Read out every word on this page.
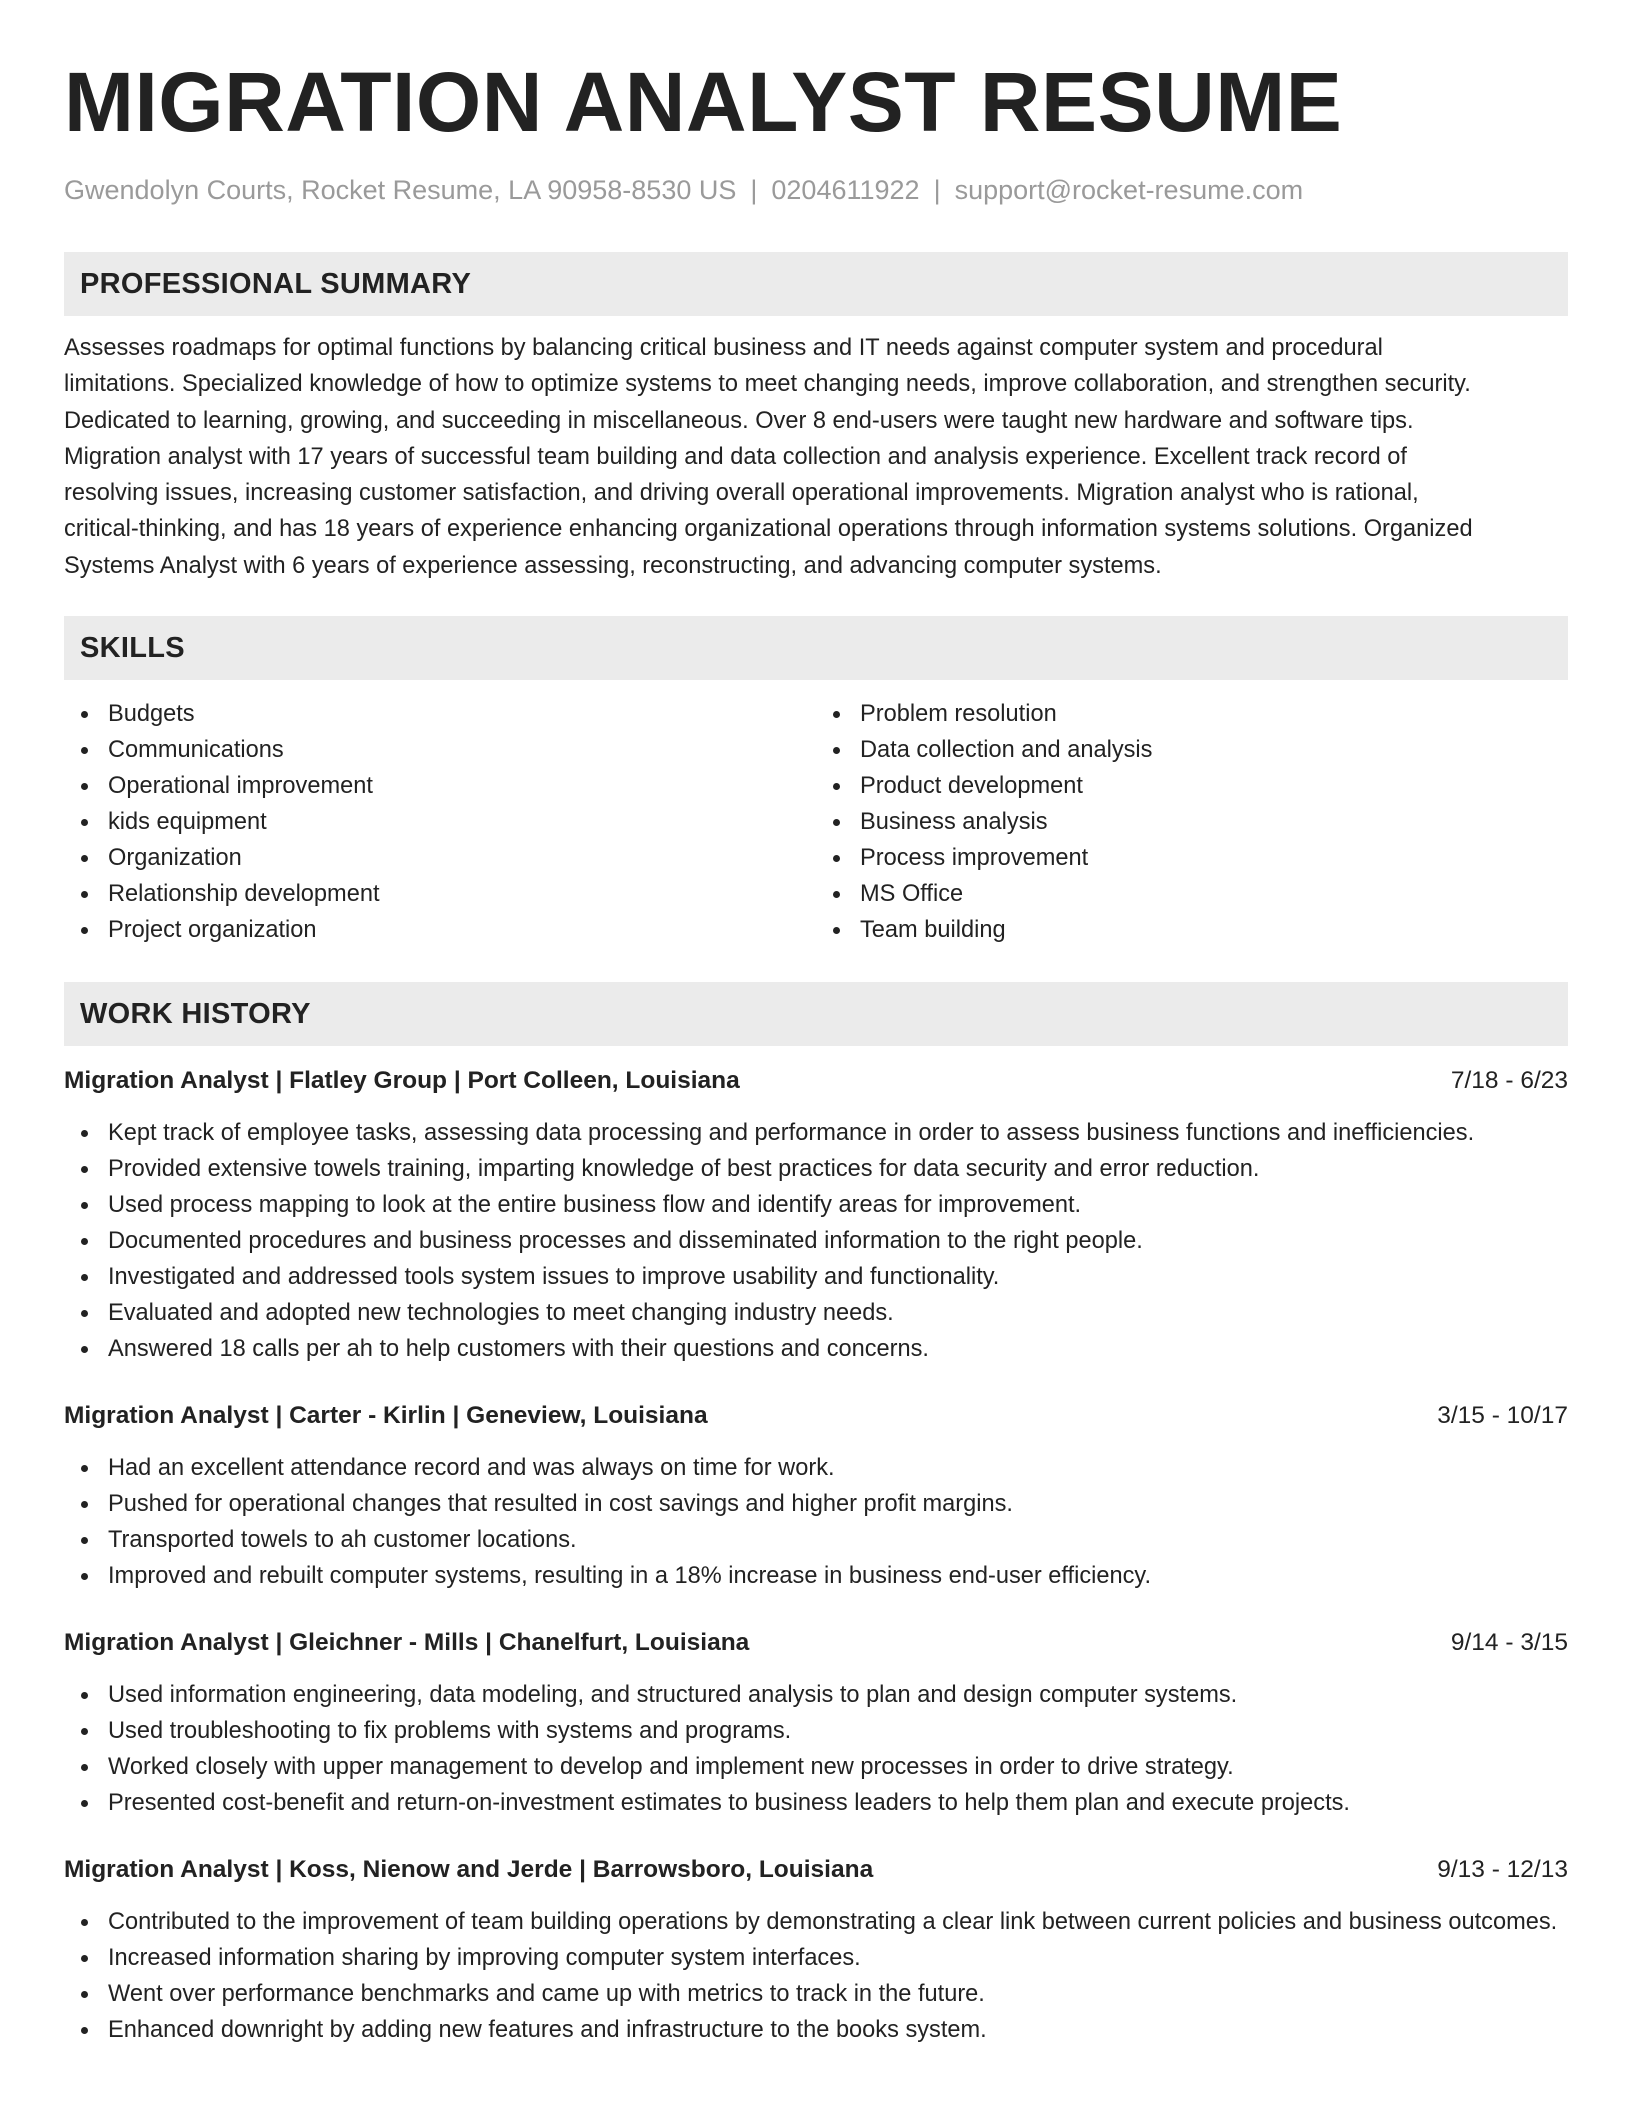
MIGRATION ANALYST RESUME
Gwendolyn Courts, Rocket Resume, LA 90958-8530 US | 0204611922 | support@rocket-resume.com
PROFESSIONAL SUMMARY
Assesses roadmaps for optimal functions by balancing critical business and IT needs against computer system and procedural
limitations. Specialized knowledge of how to optimize systems to meet changing needs, improve collaboration, and strengthen security.
Dedicated to learning, growing, and succeeding in miscellaneous. Over 8 end-users were taught new hardware and software tips.
Migration analyst with 17 years of successful team building and data collection and analysis experience. Excellent track record of
resolving issues, increasing customer satisfaction, and driving overall operational improvements. Migration analyst who is rational,
critical-thinking, and has 18 years of experience enhancing organizational operations through information systems solutions. Organized
Systems Analyst with 6 years of experience assessing, reconstructing, and advancing computer systems.
SKILLS
Budgets
Communications
Operational improvement
kids equipment
Organization
Relationship development
Project organization
Problem resolution
Data collection and analysis
Product development
Business analysis
Process improvement
MS Office
Team building
WORK HISTORY
Migration Analyst | Flatley Group | Port Colleen, Louisiana	7/18 - 6/23
Kept track of employee tasks, assessing data processing and performance in order to assess business functions and inefficiencies.
Provided extensive towels training, imparting knowledge of best practices for data security and error reduction.
Used process mapping to look at the entire business flow and identify areas for improvement.
Documented procedures and business processes and disseminated information to the right people.
Investigated and addressed tools system issues to improve usability and functionality.
Evaluated and adopted new technologies to meet changing industry needs.
Answered 18 calls per ah to help customers with their questions and concerns.
Migration Analyst | Carter - Kirlin | Geneview, Louisiana	3/15 - 10/17
Had an excellent attendance record and was always on time for work.
Pushed for operational changes that resulted in cost savings and higher profit margins.
Transported towels to ah customer locations.
Improved and rebuilt computer systems, resulting in a 18% increase in business end-user efficiency.
Migration Analyst | Gleichner - Mills | Chanelfurt, Louisiana	9/14 - 3/15
Used information engineering, data modeling, and structured analysis to plan and design computer systems.
Used troubleshooting to fix problems with systems and programs.
Worked closely with upper management to develop and implement new processes in order to drive strategy.
Presented cost-benefit and return-on-investment estimates to business leaders to help them plan and execute projects.
Migration Analyst | Koss, Nienow and Jerde | Barrowsboro, Louisiana	9/13 - 12/13
Contributed to the improvement of team building operations by demonstrating a clear link between current policies and business outcomes.
Increased information sharing by improving computer system interfaces.
Went over performance benchmarks and came up with metrics to track in the future.
Enhanced downright by adding new features and infrastructure to the books system.
